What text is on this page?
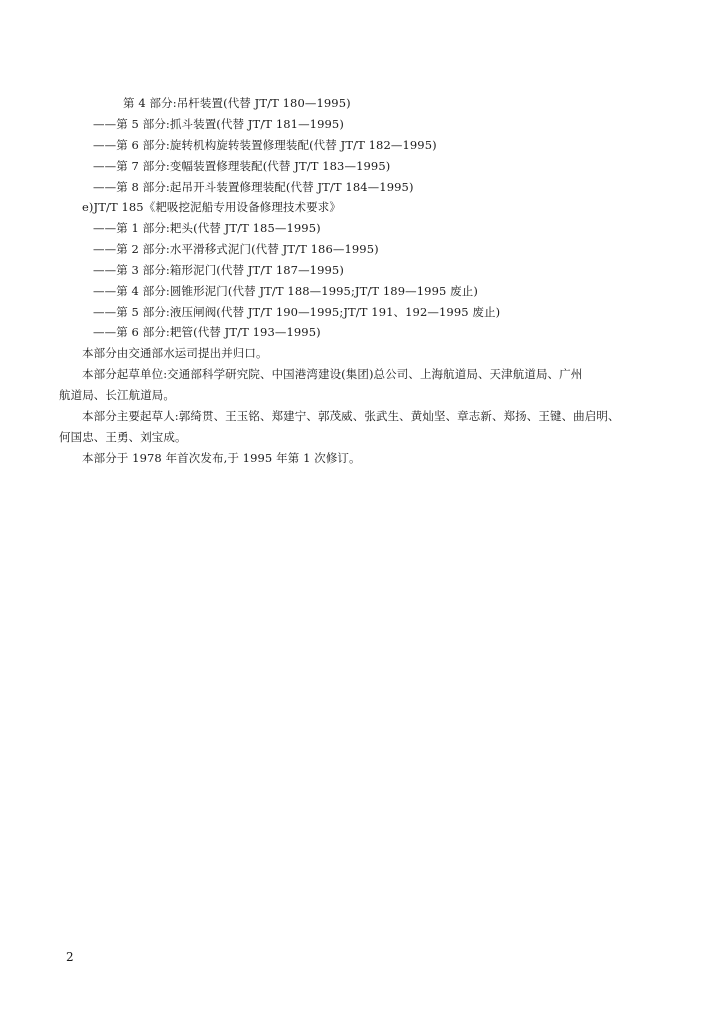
第 4 部分:吊杆装置(代替 JT/T 180—1995)
——第 5 部分:抓斗装置(代替 JT/T 181—1995)
——第 6 部分:旋转机构旋转装置修理装配(代替 JT/T 182—1995)
——第 7 部分:变幅装置修理装配(代替 JT/T 183—1995)
——第 8 部分:起吊开斗装置修理装配(代替 JT/T 184—1995)
e)JT/T 185《耙吸挖泥船专用设备修理技术要求》
——第 1 部分:耙头(代替 JT/T 185—1995)
——第 2 部分:水平滑移式泥门(代替 JT/T 186—1995)
——第 3 部分:箱形泥门(代替 JT/T 187—1995)
——第 4 部分:圆锥形泥门(代替 JT/T 188—1995;JT/T 189—1995 废止)
——第 5 部分:液压闸阀(代替 JT/T 190—1995;JT/T 191、192—1995 废止)
——第 6 部分:耙管(代替 JT/T 193—1995)
本部分由交通部水运司提出并归口。
本部分起草单位:交通部科学研究院、中国港湾建设(集团)总公司、上海航道局、天津航道局、广州
航道局、长江航道局。
本部分主要起草人:郭绮贯、王玉铭、郑建宁、郭茂威、张武生、黄灿坚、章志新、郑扬、王键、曲启明、
何国忠、王勇、刘宝成。
本部分于 1978 年首次发布,于 1995 年第 1 次修订。
2
